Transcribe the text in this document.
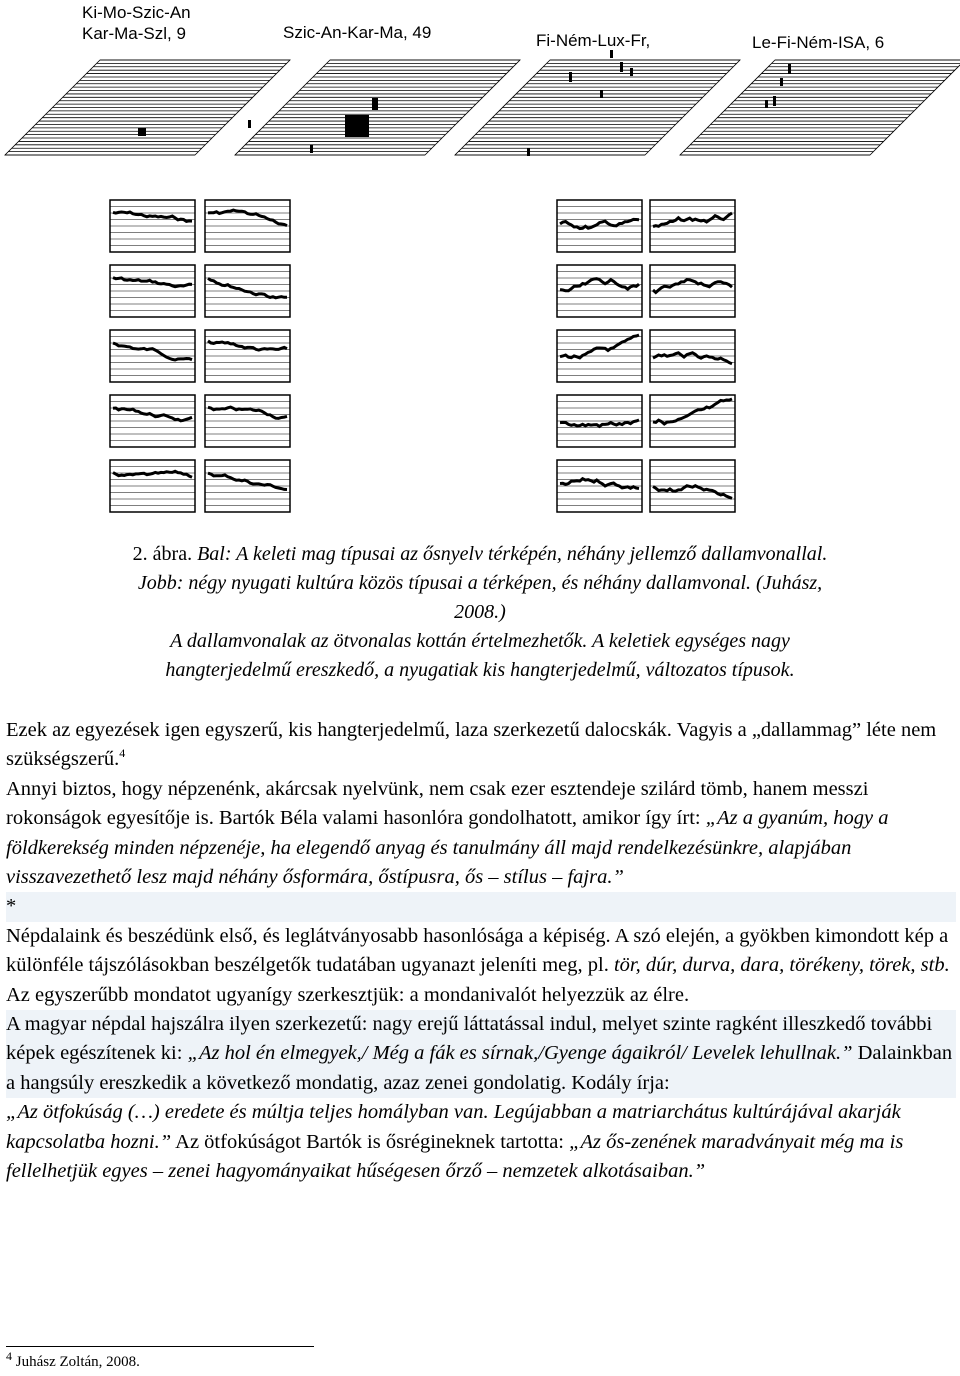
Ki-Mo-Szic-An
Kar-Ma-Szl, 9	Szic-An-Kar-Ma, 49	Fi-Ném-Lux-Fr,	Le-Fi-Ném-ISA, 6

2. ábra. Bal: A keleti mag típusai az ősnyelv térképén, néhány jellemző dallamvonallal.

Jobb: négy nyugati kultúra közös típusai a térképen, és néhány dallamvonal. (Juhász,

2008.)

A dallamvonalak az ötvonalas kottán értelmezhetők. A keletiek egységes nagy

hangterjedelmű ereszkedő, a nyugatiak kis hangterjedelmű, változatos típusok.

Ezek az egyezések igen egyszerű, kis hangterjedelmű, laza szerkezetű dalocskák. Vagyis a „dallammag” léte nem szükségszerű.$^4$

Annyi biztos, hogy népzenénk, akárcsak nyelvünk, nem csak ezer esztendeje szilárd tömb, hanem messzi rokonságok egyesítője is. Bartók Béla valami hasonlóra gondolhatott, amikor így írt: „Az a gyanúm, hogy a földkerekség minden népzenéje, ha elegendő anyag és tanulmány áll majd rendelkezésünkre, alapjában visszavezethető lesz majd néhány ősformára, őstípusra, ős – stílus – fajra.”

*

Népdalaink és beszédünk első, és leglátványosabb hasonlósága a képiség. A szó elején, a gyökben kimondott kép a különféle tájszólásokban beszélgetők tudatában ugyanazt jeleníti meg, pl. tör, dúr, durva, dara, törékeny, törek, stb. Az egyszerűbb mondatot ugyanígy szerkesztjük: a mondanivalót helyezzük az élre.

A magyar népdal hajszálra ilyen szerkezetű: nagy erejű láttatással indul, melyet szinte ragként illeszkedő további képek egészítenek ki: „Az hol én elmegyek,/ Még a fák es sírnak,/Gyenge ágaikról/ Levelek lehullnak.” Dalainkban a hangsúly ereszkedik a következő mondatig, azaz zenei gondolatig. Kodály írja:

„Az ötfokúság (…) eredete és múltja teljes homályban van. Legújabban a matriarchátus kultúrájával akarják kapcsolatba hozni.” Az ötfokúságot Bartók is ősrégineknek tartotta: „Az ős-zenének maradványait még ma is fellelhetjük egyes – zenei hagyományaikat hűségesen őrző – nemzetek alkotásaiban.”

$^4$ Juhász Zoltán, 2008.
